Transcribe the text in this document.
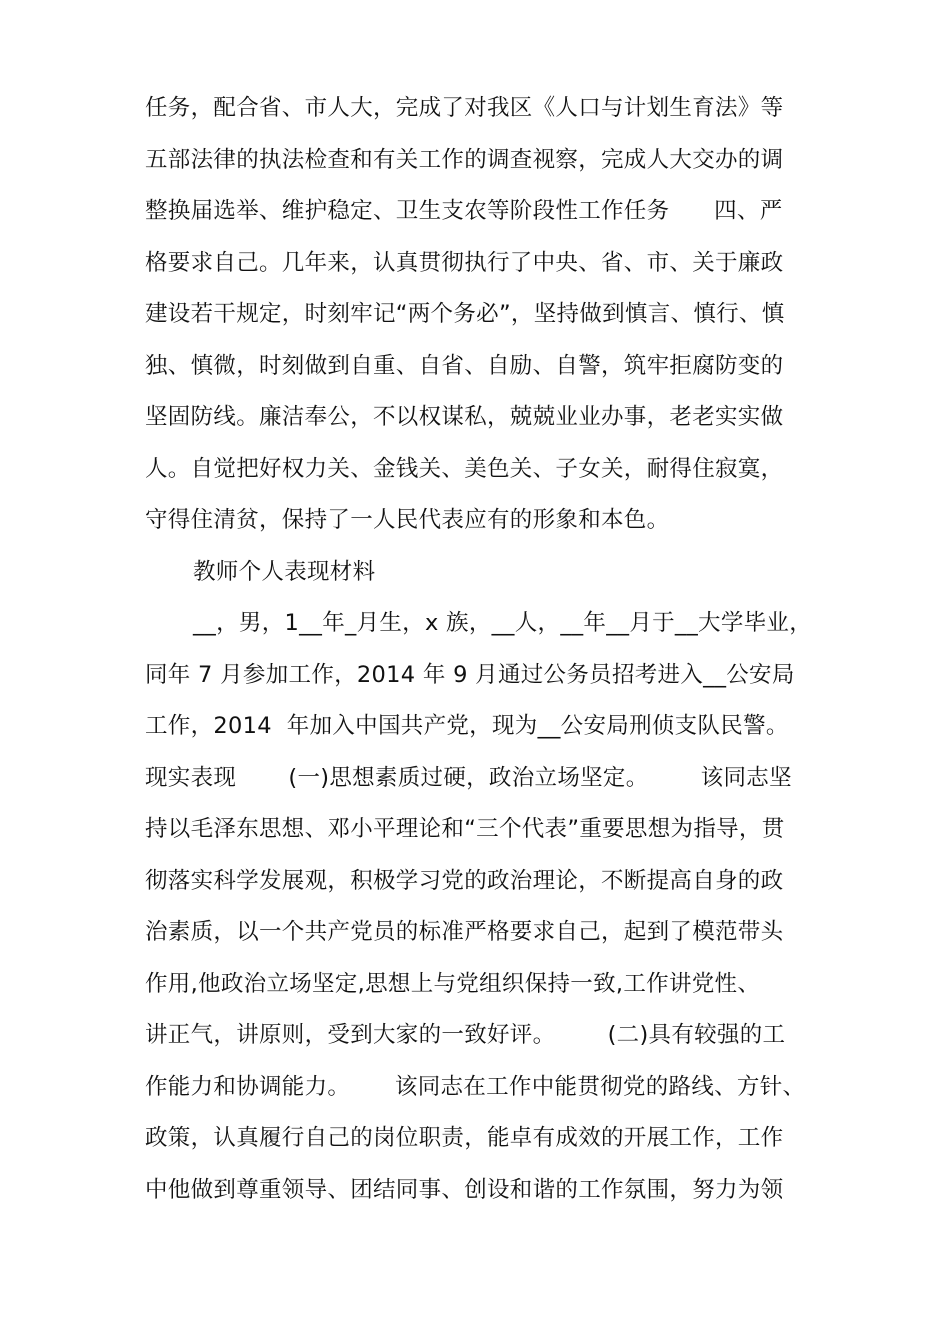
任务，配合省、市人大，完成了对我区《人口与计划生育法》等
五部法律的执法检查和有关工作的调查视察，完成人大交办的调
整换届选举、维护稳定、卫生支农等阶段性工作任务      四、严
格要求自己。几年来，认真贯彻执行了中央、省、市、关于廉政
建设若干规定，时刻牢记“两个务必”，坚持做到慎言、慎行、慎
独、慎微，时刻做到自重、自省、自励、自警，筑牢拒腐防变的
坚固防线。廉洁奉公，不以权谋私，兢兢业业办事，老老实实做
人。自觉把好权力关、金钱关、美色关、子女关，耐得住寂寞，
守得住清贫，保持了一人民代表应有的形象和本色。
教师个人表现材料
__，男，1__年_月生，x 族，__人，__年__月于__大学毕业，
同年 7 月参加工作，2014 年 9 月通过公务员招考进入__公安局
工作，2014  年加入中国共产党，现为__公安局刑侦支队民警。
现实表现       (一)思想素质过硬，政治立场坚定。       该同志坚
持以毛泽东思想、邓小平理论和“三个代表”重要思想为指导，贯
彻落实科学发展观，积极学习党的政治理论，不断提高自身的政
治素质，以一个共产党员的标准严格要求自己，起到了模范带头
作用,他政治立场坚定,思想上与党组织保持一致,工作讲党性、
讲正气，讲原则，受到大家的一致好评。       (二)具有较强的工
作能力和协调能力。      该同志在工作中能贯彻党的路线、方针、
政策，认真履行自己的岗位职责，能卓有成效的开展工作，工作
中他做到尊重领导、团结同事、创设和谐的工作氛围，努力为领
